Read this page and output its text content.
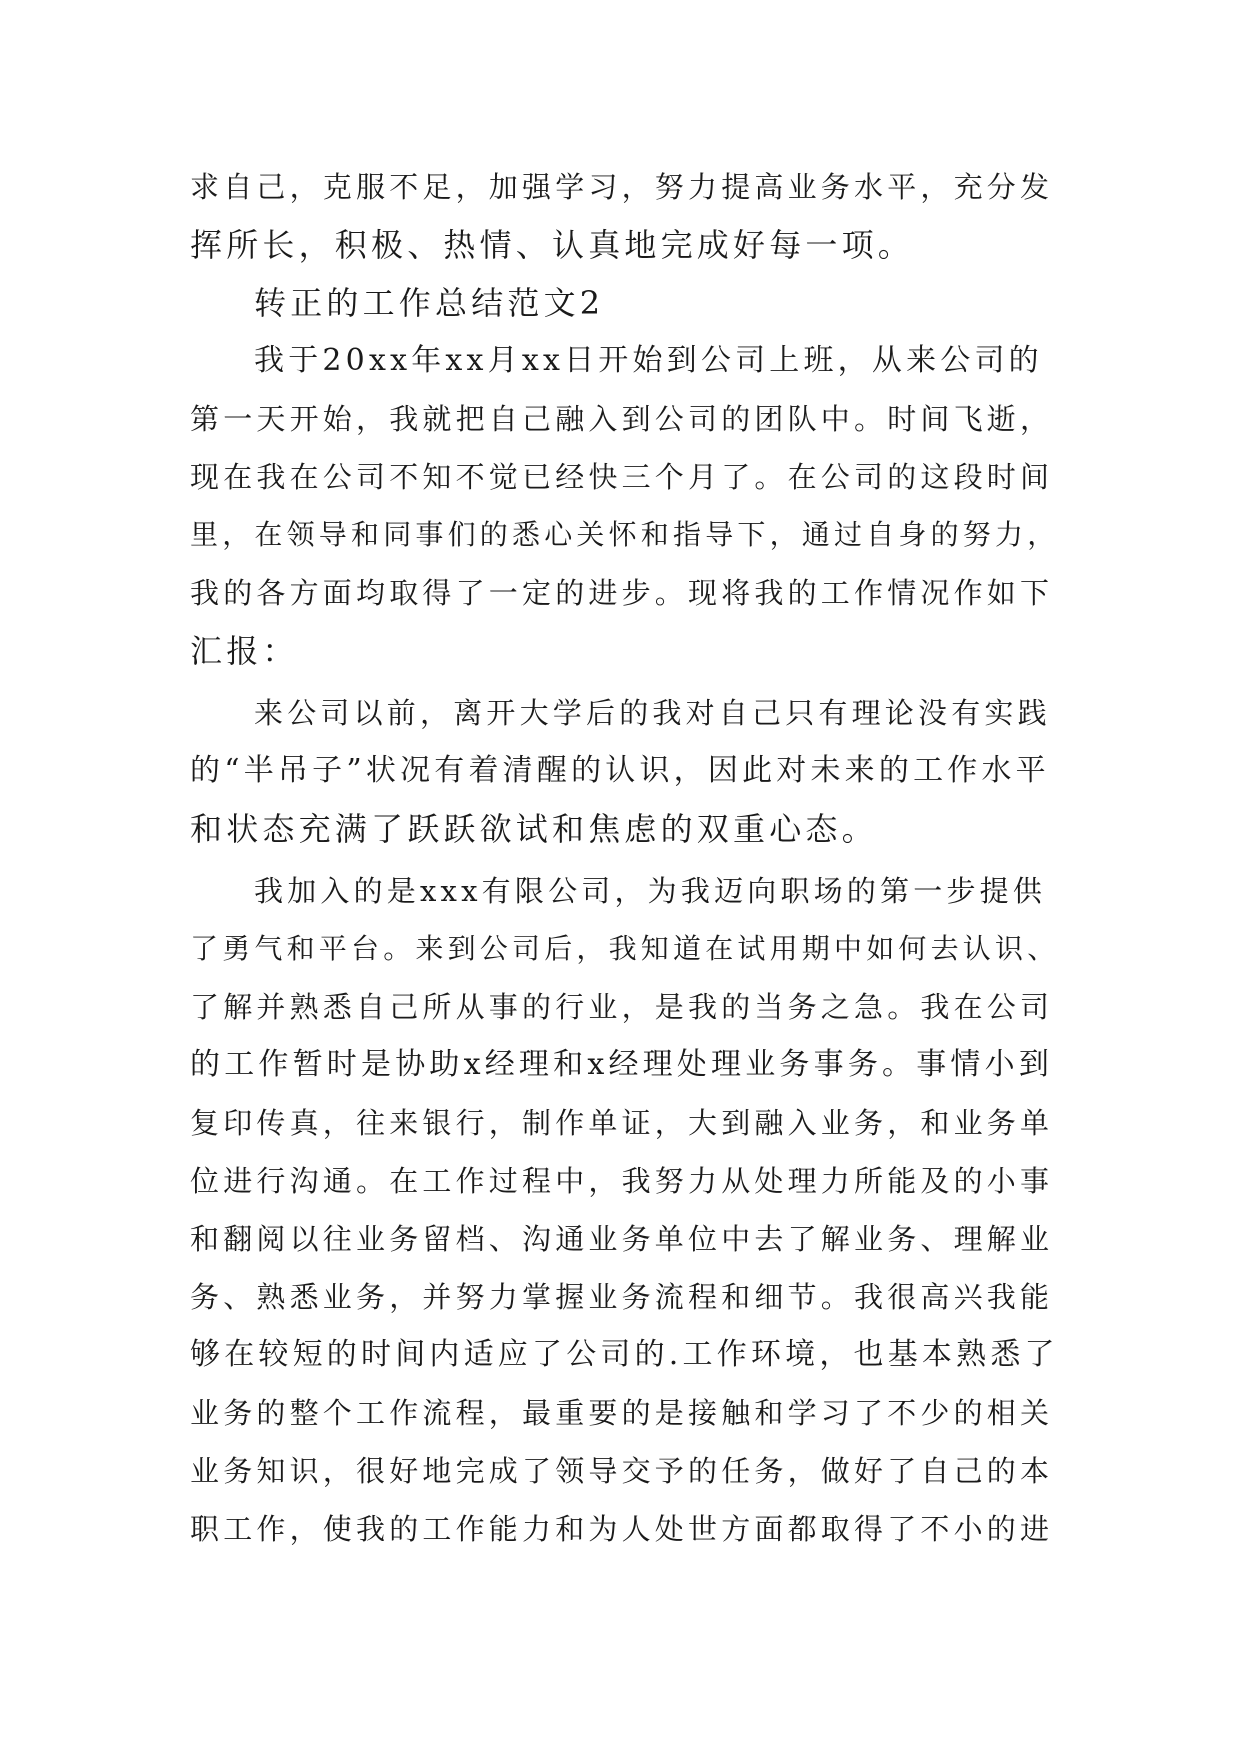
求自己，克服不足，加强学习，努力提高业务水平，充分发
挥所长，积极、热情、认真地完成好每一项。
转正的工作总结范文2
我于20xx年xx月xx日开始到公司上班，从来公司的
第一天开始，我就把自己融入到公司的团队中。时间飞逝，
现在我在公司不知不觉已经快三个月了。在公司的这段时间
里，在领导和同事们的悉心关怀和指导下，通过自身的努力，
我的各方面均取得了一定的进步。现将我的工作情况作如下
汇报：
来公司以前，离开大学后的我对自己只有理论没有实践
的“半吊子”状况有着清醒的认识，因此对未来的工作水平
和状态充满了跃跃欲试和焦虑的双重心态。
我加入的是xxx有限公司，为我迈向职场的第一步提供
了勇气和平台。来到公司后，我知道在试用期中如何去认识、
了解并熟悉自己所从事的行业，是我的当务之急。我在公司
的工作暂时是协助x经理和x经理处理业务事务。事情小到
复印传真，往来银行，制作单证，大到融入业务，和业务单
位进行沟通。在工作过程中，我努力从处理力所能及的小事
和翻阅以往业务留档、沟通业务单位中去了解业务、理解业
务、熟悉业务，并努力掌握业务流程和细节。我很高兴我能
够在较短的时间内适应了公司的.工作环境，也基本熟悉了
业务的整个工作流程，最重要的是接触和学习了不少的相关
业务知识，很好地完成了领导交予的任务，做好了自己的本
职工作，使我的工作能力和为人处世方面都取得了不小的进
